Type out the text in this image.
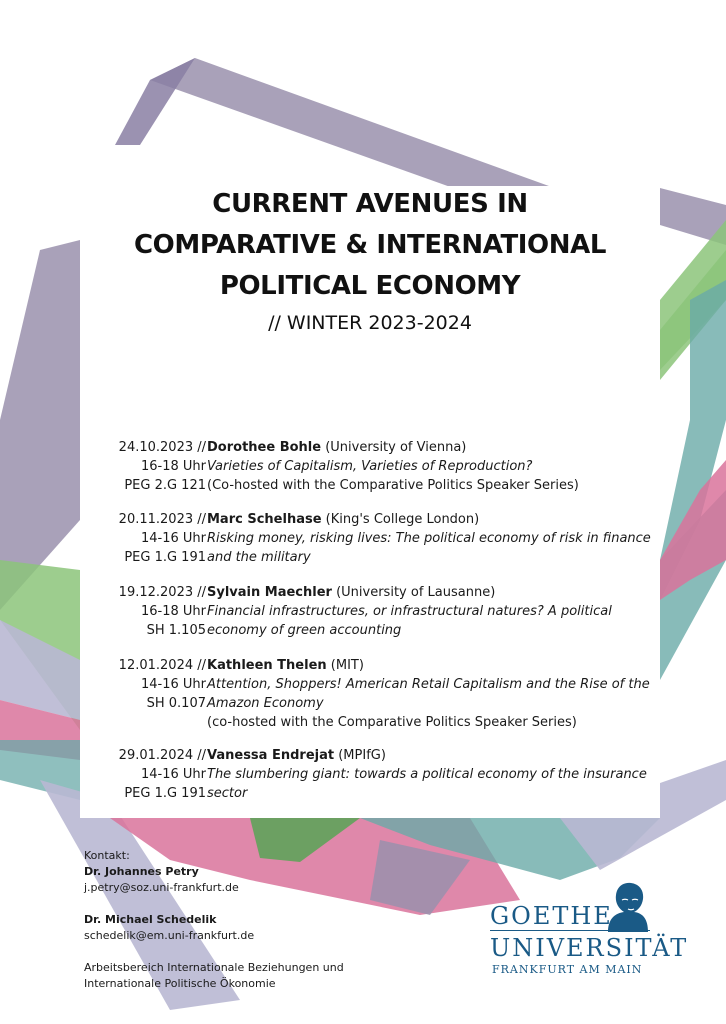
CURRENT AVENUES IN
COMPARATIVE & INTERNATIONAL
POLITICAL ECONOMY
// WINTER 2023-2024
24.10.2023 //
16-18 Uhr
PEG 2.G 121
Dorothee Bohle (University of Vienna)
Varieties of Capitalism, Varieties of Reproduction?
(Co-hosted with the Comparative Politics Speaker Series)
20.11.2023 //
14-16 Uhr
PEG 1.G 191
Marc Schelhase (King's College London)
Risking money, risking lives: The political economy of risk in finance and the military
19.12.2023 //
16-18 Uhr
SH 1.105
Sylvain Maechler (University of Lausanne)
Financial infrastructures, or infrastructural natures? A political economy of green accounting
12.01.2024 //
14-16 Uhr
SH 0.107
Kathleen Thelen (MIT)
Attention, Shoppers! American Retail Capitalism and the Rise of the Amazon Economy
(co-hosted with the Comparative Politics Speaker Series)
29.01.2024 //
14-16 Uhr
PEG 1.G 191
Vanessa Endrejat (MPIfG)
The slumbering giant: towards a political economy of the insurance sector
Kontakt:
Dr. Johannes Petry
j.petry@soz.uni-frankfurt.de
Dr. Michael Schedelik
schedelik@em.uni-frankfurt.de
Arbeitsbereich Internationale Beziehungen und
Internationale Politische Ökonomie
GOETHE
UNIVERSITÄT
FRANKFURT AM MAIN
